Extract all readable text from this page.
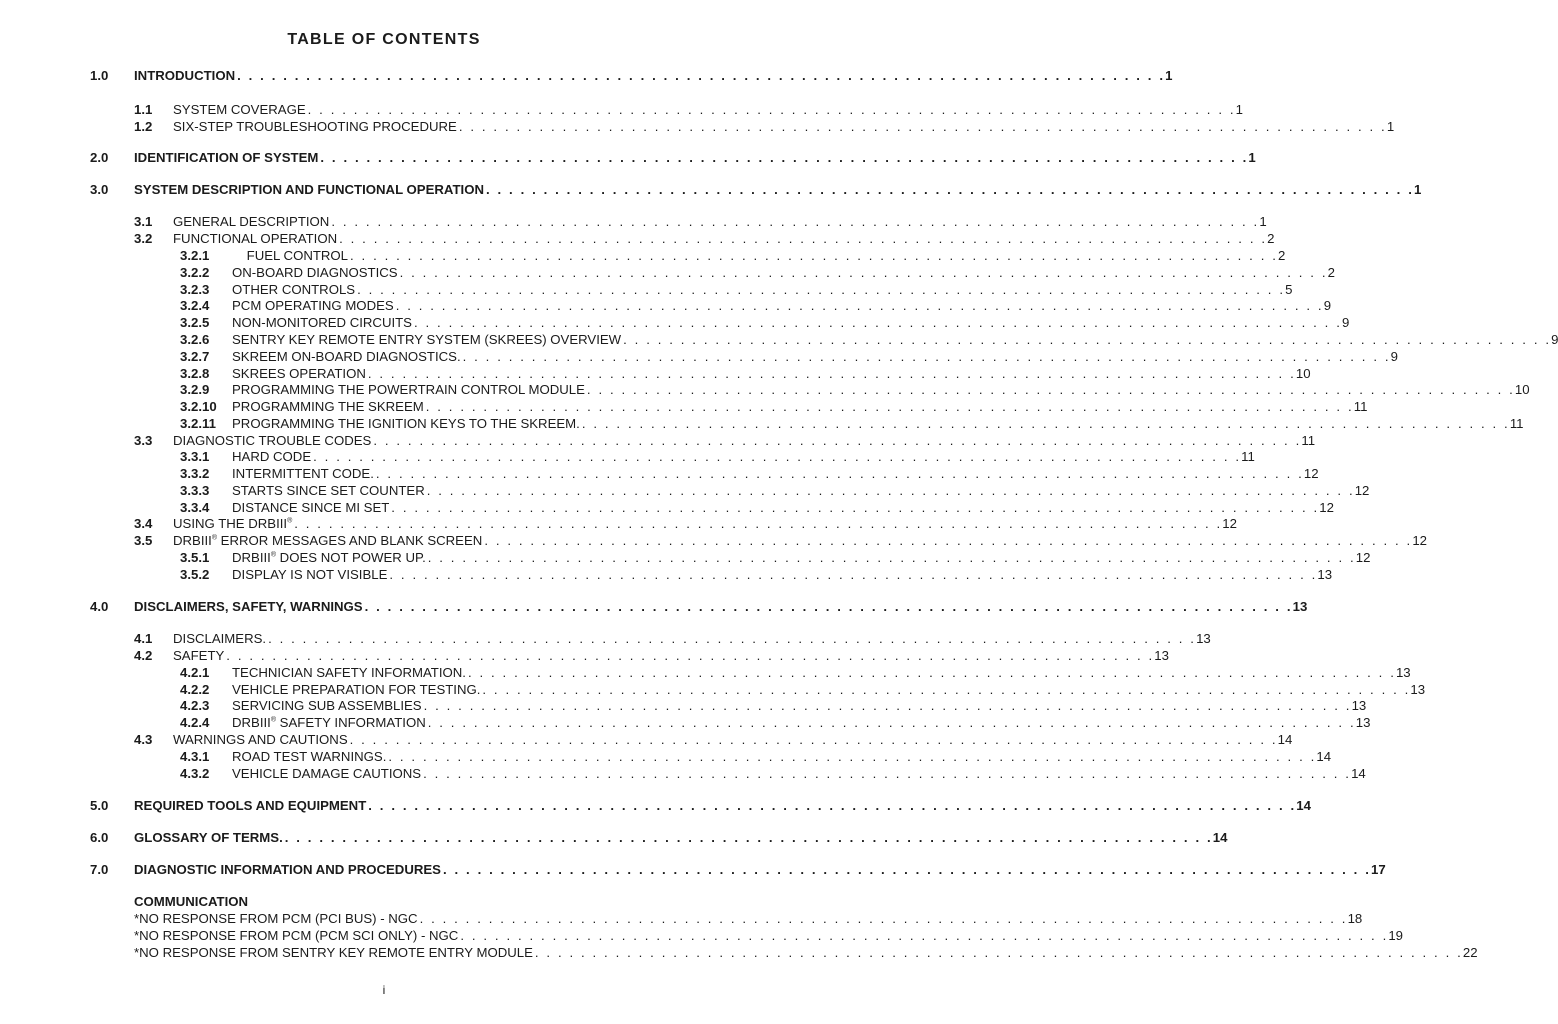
TABLE OF CONTENTS
1.0 INTRODUCTION . . . . . . . . . . . . . . . . . . . . . . . . . . . . . . . . . . . . . . . . . . . . . . . . . . . . . . . . . . . . . . . . . . . . . . . . . . . . . . . . . 1
1.1 SYSTEM COVERAGE . . . . . . . . . . . . . . . . . . . . . . . . . . . . . . . . . . . . . . . . . . . . . . . . . . . . . . . . . . . . . . . . . . . . . . . . . . . . . . . . . 1
1.2 SIX-STEP TROUBLESHOOTING PROCEDURE . . . . . . . . . . . . . . . . . . . . . . . . . . . . . . . . . . . . . . . . . . . . . . . . . . . . . . . . . . . . . . . . . . . . . . . . . . . . . . . . . 1
2.0 IDENTIFICATION OF SYSTEM . . . . . . . . . . . . . . . . . . . . . . . . . . . . . . . . . . . . . . . . . . . . . . . . . . . . . . . . . . . . . . . . . . . . . . . . . . . . . . . . . 1
3.0 SYSTEM DESCRIPTION AND FUNCTIONAL OPERATION . . . . . . . . . . . . . . . . . . . . . . . . . . . . . . . . . . . . . . . . . . . . . . . . . . . . . . . . . . . . . . . . . . . . . . . . . . . . . . . . . 1
3.1 GENERAL DESCRIPTION . . . . . . . . . . . . . . . . . . . . . . . . . . . . . . . . . . . . . . . . . . . . . . . . . . . . . . . . . . . . . . . . . . . . . . . . . . . . . . . . . 1
3.2 FUNCTIONAL OPERATION . . . . . . . . . . . . . . . . . . . . . . . . . . . . . . . . . . . . . . . . . . . . . . . . . . . . . . . . . . . . . . . . . . . . . . . . . . . . . . . . . 2
3.2.1 FUEL CONTROL . . . . . . . . . . . . . . . . . . . . . . . . . . . . . . . . . . . . . . . . . . . . . . . . . . . . . . . . . . . . . . . . . . . . . . . . . . . . . . . . . 2
3.2.2 ON-BOARD DIAGNOSTICS . . . . . . . . . . . . . . . . . . . . . . . . . . . . . . . . . . . . . . . . . . . . . . . . . . . . . . . . . . . . . . . . . . . . . . . . . . . . . . . . . 2
3.2.3 OTHER CONTROLS . . . . . . . . . . . . . . . . . . . . . . . . . . . . . . . . . . . . . . . . . . . . . . . . . . . . . . . . . . . . . . . . . . . . . . . . . . . . . . . . . 5
3.2.4 PCM OPERATING MODES . . . . . . . . . . . . . . . . . . . . . . . . . . . . . . . . . . . . . . . . . . . . . . . . . . . . . . . . . . . . . . . . . . . . . . . . . . . . . . . . . 9
3.2.5 NON-MONITORED CIRCUITS . . . . . . . . . . . . . . . . . . . . . . . . . . . . . . . . . . . . . . . . . . . . . . . . . . . . . . . . . . . . . . . . . . . . . . . . . . . . . . . . . 9
3.2.6 SENTRY KEY REMOTE ENTRY SYSTEM (SKREES) OVERVIEW . . . . . . . . . . . . . . . . . . . . . . . . . . . . . . . . . . . . . . . . . . . . . . . . . . . . . . . . . . . . . . . . . . . . . . . . . . . . . . . . . 9
3.2.7 SKREEM ON-BOARD DIAGNOSTICS. . . . . . . . . . . . . . . . . . . . . . . . . . . . . . . . . . . . . . . . . . . . . . . . . . . . . . . . . . . . . . . . . . . . . . . . . . . . . . . . . . 9
3.2.8 SKREES OPERATION . . . . . . . . . . . . . . . . . . . . . . . . . . . . . . . . . . . . . . . . . . . . . . . . . . . . . . . . . . . . . . . . . . . . . . . . . . . . . . . . . 10
3.2.9 PROGRAMMING THE POWERTRAIN CONTROL MODULE . . . . . . . . . . . . . . . . . . . . . . . . . . . . . . . . . . . . . . . . . . . . . . . . . . . . . . . . . . . . . . . . . . . . . . . . . . . . . . . . . 10
3.2.10 PROGRAMMING THE SKREEM . . . . . . . . . . . . . . . . . . . . . . . . . . . . . . . . . . . . . . . . . . . . . . . . . . . . . . . . . . . . . . . . . . . . . . . . . . . . . . . . . 11
3.2.11 PROGRAMMING THE IGNITION KEYS TO THE SKREEM. . . . . . . . . . . . . . . . . . . . . . . . . . . . . . . . . . . . . . . . . . . . . . . . . . . . . . . . . . . . . . . . . . . . . . . . . . . . . . . . . . 11
3.3 DIAGNOSTIC TROUBLE CODES . . . . . . . . . . . . . . . . . . . . . . . . . . . . . . . . . . . . . . . . . . . . . . . . . . . . . . . . . . . . . . . . . . . . . . . . . . . . . . . . . 11
3.3.1 HARD CODE . . . . . . . . . . . . . . . . . . . . . . . . . . . . . . . . . . . . . . . . . . . . . . . . . . . . . . . . . . . . . . . . . . . . . . . . . . . . . . . . . 11
3.3.2 INTERMITTENT CODE. . . . . . . . . . . . . . . . . . . . . . . . . . . . . . . . . . . . . . . . . . . . . . . . . . . . . . . . . . . . . . . . . . . . . . . . . . . . . . . . . . 12
3.3.3 STARTS SINCE SET COUNTER . . . . . . . . . . . . . . . . . . . . . . . . . . . . . . . . . . . . . . . . . . . . . . . . . . . . . . . . . . . . . . . . . . . . . . . . . . . . . . . . . 12
3.3.4 DISTANCE SINCE MI SET . . . . . . . . . . . . . . . . . . . . . . . . . . . . . . . . . . . . . . . . . . . . . . . . . . . . . . . . . . . . . . . . . . . . . . . . . . . . . . . . . 12
3.4 USING THE DRBIII® . . . . . . . . . . . . . . . . . . . . . . . . . . . . . . . . . . . . . . . . . . . . . . . . . . . . . . . . . . . . . . . . . . . . . . . . . . . . . . . . . 12
3.5 DRBIII® ERROR MESSAGES AND BLANK SCREEN . . . . . . . . . . . . . . . . . . . . . . . . . . . . . . . . . . . . . . . . . . . . . . . . . . . . . . . . . . . . . . . . . . . . . . . . . . . . . . . . . 12
3.5.1 DRBIII® DOES NOT POWER UP. . . . . . . . . . . . . . . . . . . . . . . . . . . . . . . . . . . . . . . . . . . . . . . . . . . . . . . . . . . . . . . . . . . . . . . . . . . . . . . . . . 12
3.5.2 DISPLAY IS NOT VISIBLE . . . . . . . . . . . . . . . . . . . . . . . . . . . . . . . . . . . . . . . . . . . . . . . . . . . . . . . . . . . . . . . . . . . . . . . . . . . . . . . . . 13
4.0 DISCLAIMERS, SAFETY, WARNINGS . . . . . . . . . . . . . . . . . . . . . . . . . . . . . . . . . . . . . . . . . . . . . . . . . . . . . . . . . . . . . . . . . . . . . . . . . . . . . . . . . 13
4.1 DISCLAIMERS. . . . . . . . . . . . . . . . . . . . . . . . . . . . . . . . . . . . . . . . . . . . . . . . . . . . . . . . . . . . . . . . . . . . . . . . . . . . . . . . . . 13
4.2 SAFETY . . . . . . . . . . . . . . . . . . . . . . . . . . . . . . . . . . . . . . . . . . . . . . . . . . . . . . . . . . . . . . . . . . . . . . . . . . . . . . . . . 13
4.2.1 TECHNICIAN SAFETY INFORMATION. . . . . . . . . . . . . . . . . . . . . . . . . . . . . . . . . . . . . . . . . . . . . . . . . . . . . . . . . . . . . . . . . . . . . . . . . . . . . . . . . . 13
4.2.2 VEHICLE PREPARATION FOR TESTING. . . . . . . . . . . . . . . . . . . . . . . . . . . . . . . . . . . . . . . . . . . . . . . . . . . . . . . . . . . . . . . . . . . . . . . . . . . . . . . . . . 13
4.2.3 SERVICING SUB ASSEMBLIES . . . . . . . . . . . . . . . . . . . . . . . . . . . . . . . . . . . . . . . . . . . . . . . . . . . . . . . . . . . . . . . . . . . . . . . . . . . . . . . . . 13
4.2.4 DRBIII® SAFETY INFORMATION . . . . . . . . . . . . . . . . . . . . . . . . . . . . . . . . . . . . . . . . . . . . . . . . . . . . . . . . . . . . . . . . . . . . . . . . . . . . . . . . . 13
4.3 WARNINGS AND CAUTIONS . . . . . . . . . . . . . . . . . . . . . . . . . . . . . . . . . . . . . . . . . . . . . . . . . . . . . . . . . . . . . . . . . . . . . . . . . . . . . . . . . 14
4.3.1 ROAD TEST WARNINGS. . . . . . . . . . . . . . . . . . . . . . . . . . . . . . . . . . . . . . . . . . . . . . . . . . . . . . . . . . . . . . . . . . . . . . . . . . . . . . . . . . 14
4.3.2 VEHICLE DAMAGE CAUTIONS . . . . . . . . . . . . . . . . . . . . . . . . . . . . . . . . . . . . . . . . . . . . . . . . . . . . . . . . . . . . . . . . . . . . . . . . . . . . . . . . . 14
5.0 REQUIRED TOOLS AND EQUIPMENT . . . . . . . . . . . . . . . . . . . . . . . . . . . . . . . . . . . . . . . . . . . . . . . . . . . . . . . . . . . . . . . . . . . . . . . . . . . . . . . . . 14
6.0 GLOSSARY OF TERMS. . . . . . . . . . . . . . . . . . . . . . . . . . . . . . . . . . . . . . . . . . . . . . . . . . . . . . . . . . . . . . . . . . . . . . . . . . . . . . . . . . 14
7.0 DIAGNOSTIC INFORMATION AND PROCEDURES . . . . . . . . . . . . . . . . . . . . . . . . . . . . . . . . . . . . . . . . . . . . . . . . . . . . . . . . . . . . . . . . . . . . . . . . . . . . . . . . . 17
COMMUNICATION
*NO RESPONSE FROM PCM (PCI BUS) - NGC . . . . . . . . . . . . . . . . . . . . . . . . . . . . . . . . . . . . . . . . . . . . . . . . . . . . . . . . . . . . . . . . . . . . . . . . . . . . . . . . . 18
*NO RESPONSE FROM PCM (PCM SCI ONLY) - NGC . . . . . . . . . . . . . . . . . . . . . . . . . . . . . . . . . . . . . . . . . . . . . . . . . . . . . . . . . . . . . . . . . . . . . . . . . . . . . . . . . 19
*NO RESPONSE FROM SENTRY KEY REMOTE ENTRY MODULE . . . . . . . . . . . . . . . . . . . . . . . . . . . . . . . . . . . . . . . . . . . . . . . . . . . . . . . . . . . . . . . . . . . . . . . . . . . . . . . . . 22
i
